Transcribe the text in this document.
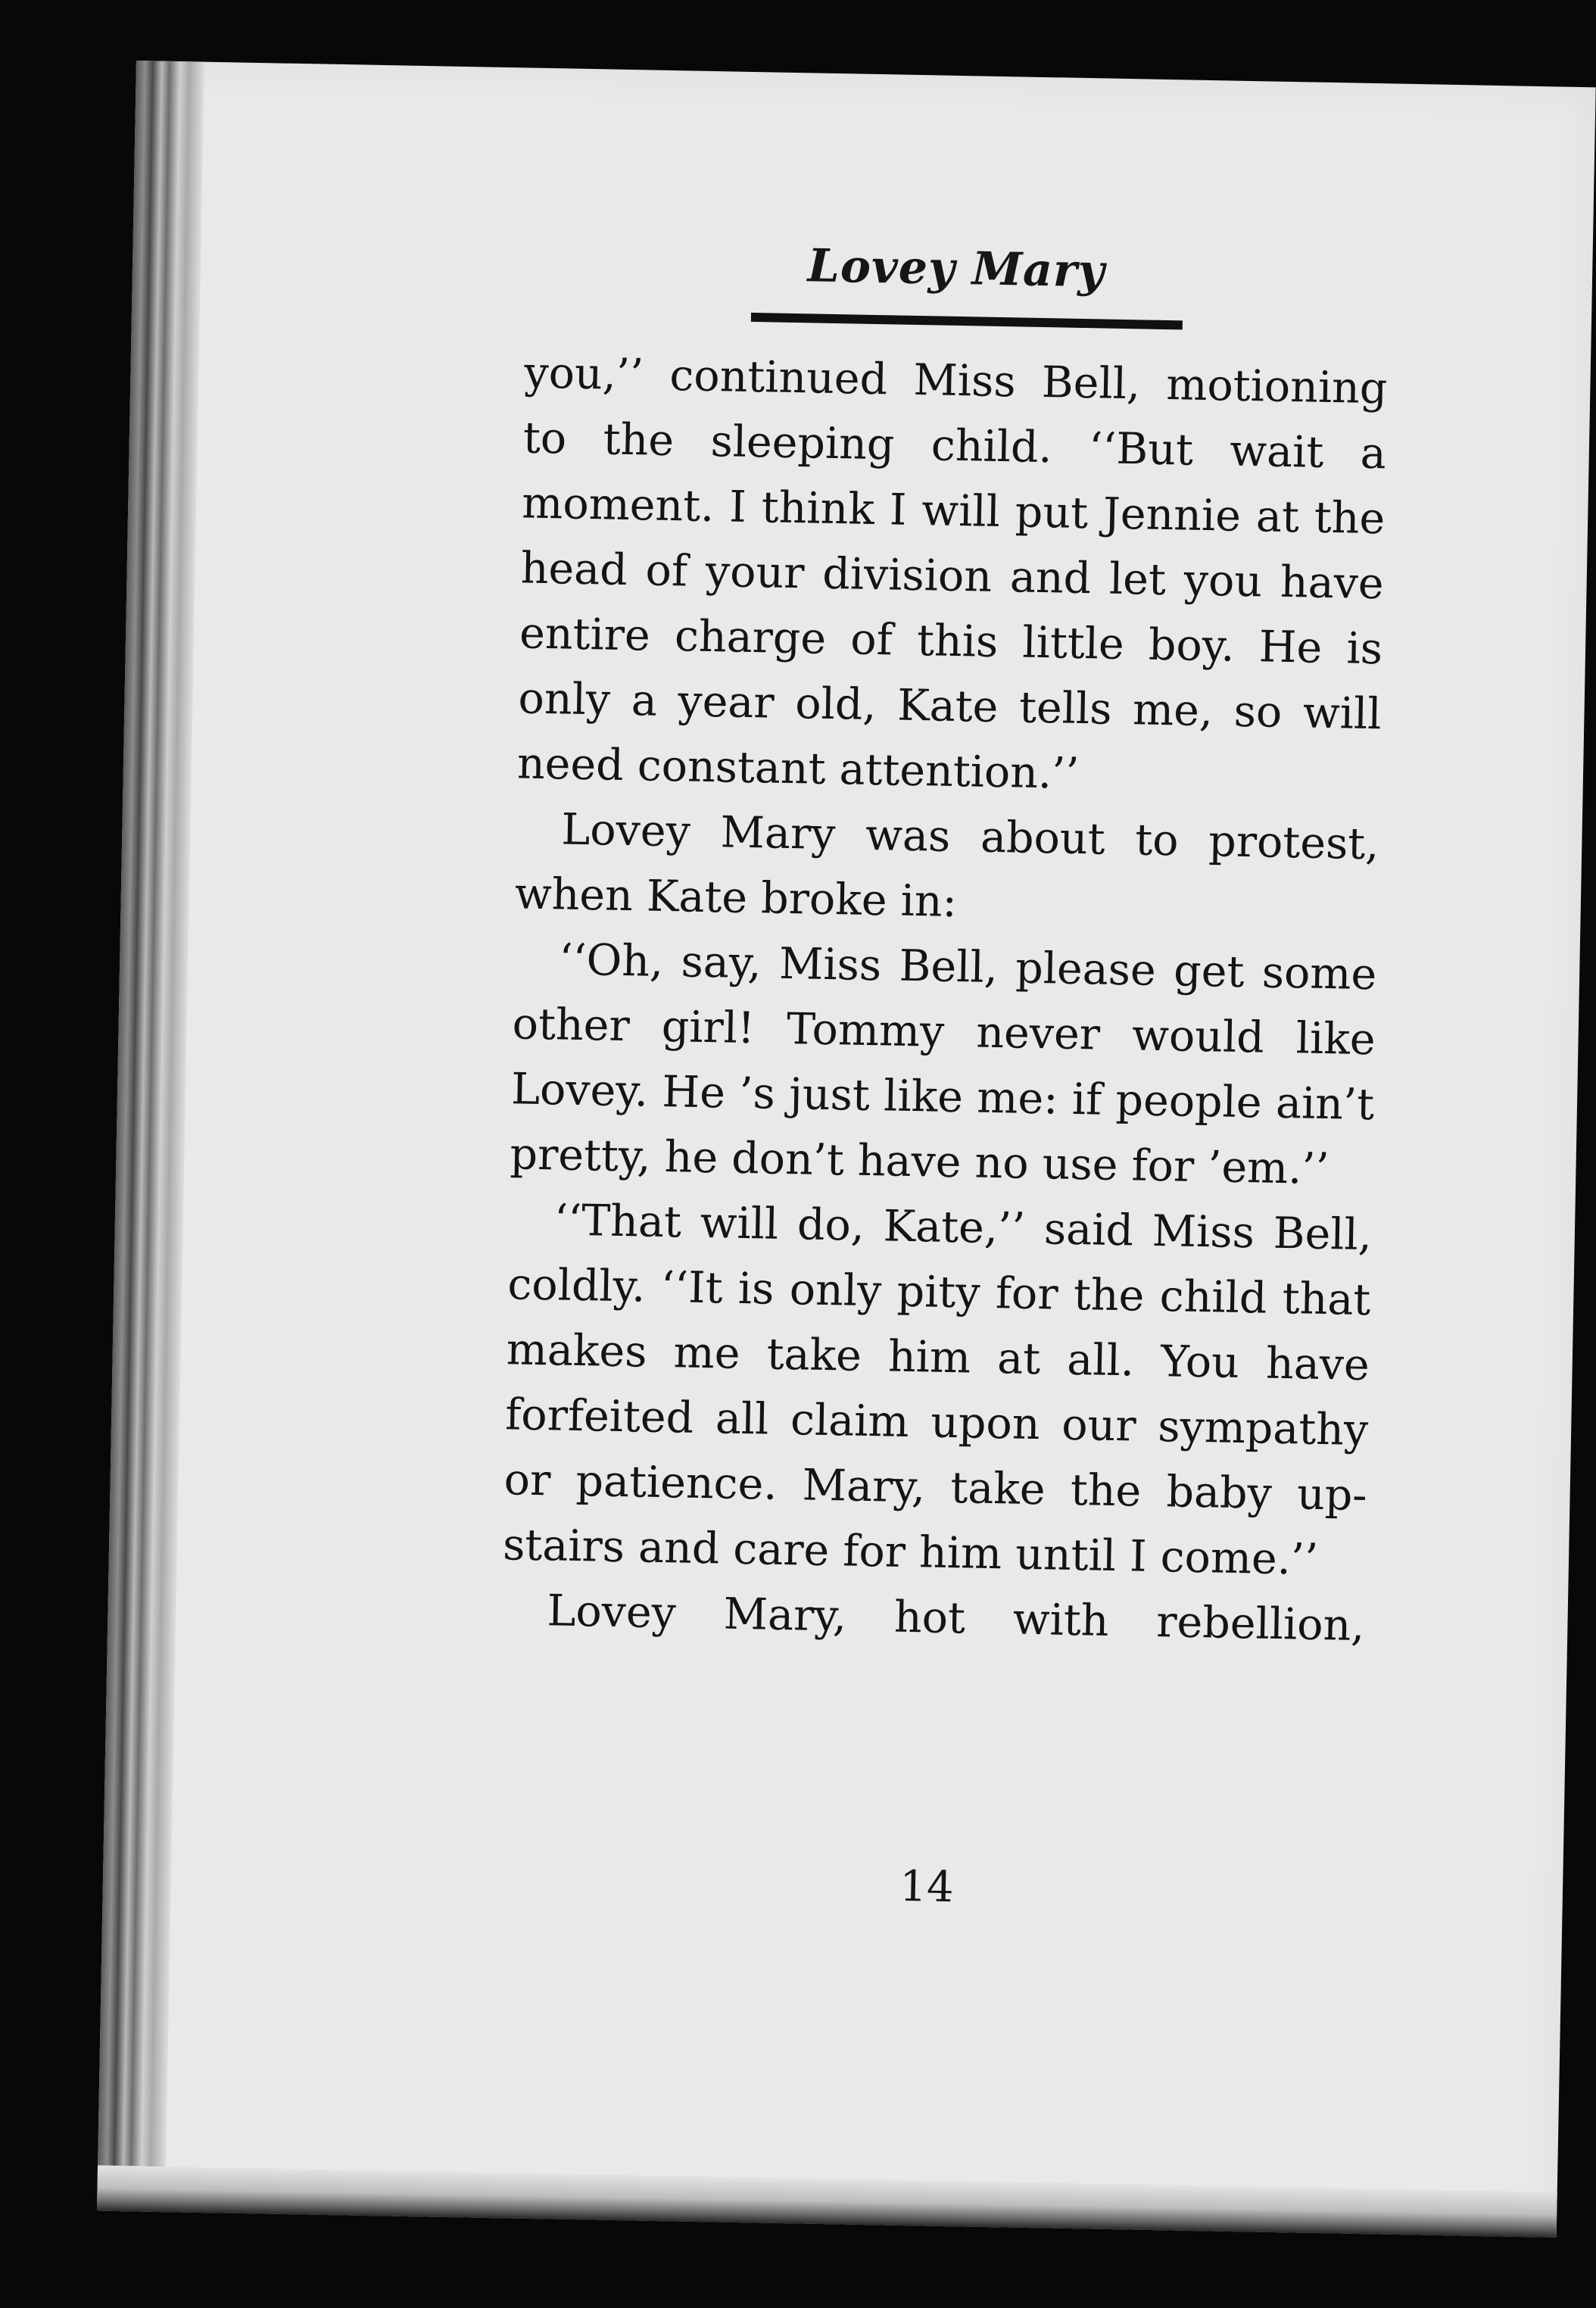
Lovey Mary

you,’’ continued Miss Bell, motioning to the sleeping child. ‘‘But wait a moment. I think I will put Jennie at the head of your division and let you have entire charge of this little boy. He is only a year old, Kate tells me, so will need constant attention.’’

Lovey Mary was about to protest, when Kate broke in:

‘‘Oh, say, Miss Bell, please get some other girl! Tommy never would like Lovey. He ’s just like me: if people ain’t pretty, he don’t have no use for ’em.’’

‘‘That will do, Kate,’’ said Miss Bell, coldly. ‘‘It is only pity for the child that makes me take him at all. You have forfeited all claim upon our sympathy or patience. Mary, take the baby up-stairs and care for him until I come.’’

Lovey Mary, hot with rebellion,

14
